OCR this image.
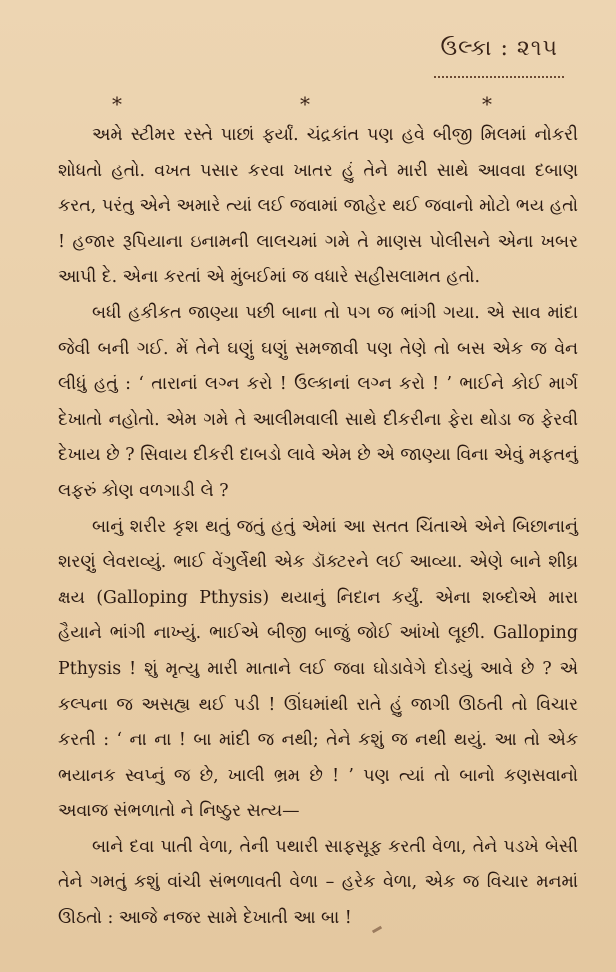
ઉલ્કા : ૨૧૫
*	*	*

અમે સ્ટીમર રસ્તે પાછાં ફર્યાં. ચંદ્રકાંત પણ હવે બીજી મિલમાં નોકરી શોધતો હતો. વખત પસાર કરવા ખાતર હું તેને મારી સાથે આવવા દબાણ કરત, પરંતુ એને અમારે ત્યાં લઈ જવામાં જાહેર થઈ જવાનો મોટો ભય હતો ! હજાર રૂપિયાના ઇનામની લાલચમાં ગમે તે માણસ પોલીસને એના ખબર આપી દે. એના કરતાં એ મુંબઈમાં જ વધારે સહીસલામત હતો.

બધી હકીકત જાણ્યા પછી બાના તો પગ જ ભાંગી ગયા. એ સાવ માંદા જેવી બની ગઈ. મેં તેને ઘણું ઘણું સમજાવી પણ તેણે તો બસ એક જ વેન લીધું હતું : ‘ તારાનાં લગ્ન કરો ! ઉલ્કાનાં લગ્ન કરો ! ’ ભાઈને કોઈ માર્ગ દેખાતો નહોતો. એમ ગમે તે આલીમવાલી સાથે દીકરીના ફેરા થોડા જ ફેરવી દેખાય છે ? સિવાય દીકરી દાબડો લાવે એમ છે એ જાણ્યા વિના એવું મફતનું લફરું કોણ વળગાડી લે ?

બાનું શરીર કૃશ થતું જતું હતું એમાં આ સતત ચિંતાએ એને બિછાનાનું શરણું લેવરાવ્યું. ભાઈ વેંગુર્લેથી એક ડૉક્ટરને લઈ આવ્યા. એણે બાને શીઘ્ર ક્ષય (Galloping Pthysis) થયાનું નિદાન કર્યું. એના શબ્દોએ મારા હૈયાને ભાંગી નાખ્યું. ભાઈએ બીજી બાજું જોઈ આંખો લૂછી. Galloping Pthysis ! શું મૃત્યુ મારી માતાને લઈ જવા ઘોડાવેગે દોડયું આવે છે ? એ કલ્પના જ અસહ્ય થઈ પડી ! ઊંઘમાંથી રાતે હું જાગી ઊઠતી તો વિચાર કરતી : ‘ ના ના ! બા માંદી જ નથી; તેને કશું જ નથી થયું. આ તો એક ભયાનક સ્વપ્નું જ છે, ખાલી ભ્રમ છે ! ’ પણ ત્યાં તો બાનો કણસવાનો અવાજ સંભળાતો ને નિષ્ઠુર સત્ય—

બાને દવા પાતી વેળા, તેની પથારી સાફસૂફ કરતી વેળા, તેને પડખે બેસી તેને ગમતું કશું વાંચી સંભળાવતી વેળા – હરેક વેળા, એક જ વિચાર મનમાં ઊઠતો : આજે નજર સામે દેખાતી આ બા !
